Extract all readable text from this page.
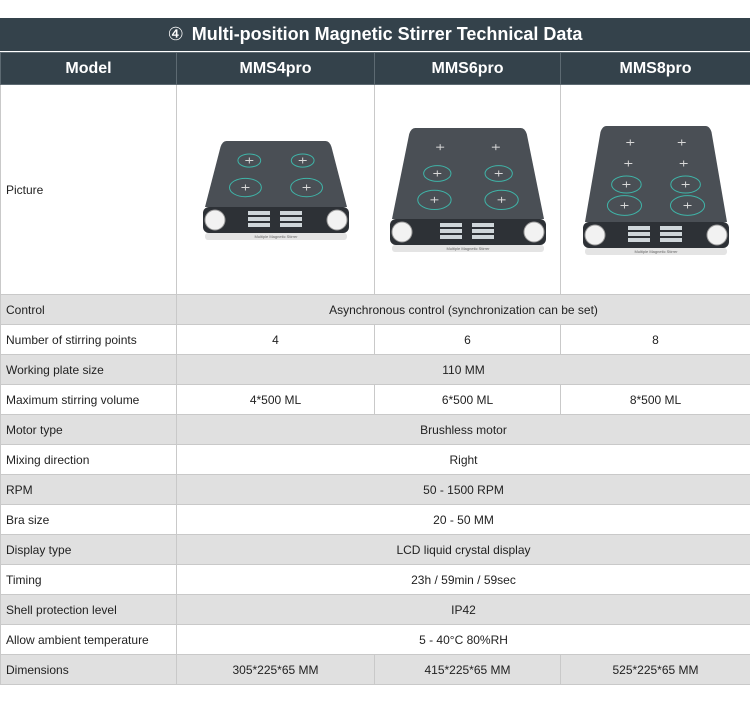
④ Multi-position Magnetic Stirrer Technical Data
Model	MMS4pro	MMS6pro	MMS8pro
Picture	Multiple Magnetic Stirrer	Multiple Magnetic Stirrer	Multiple Magnetic Stirrer

Control	Asynchronous control (synchronization can be set)		
Number of stirring points	4	6	8
Working plate size	110 MM		
Maximum stirring volume	4*500 ML	6*500 ML	8*500 ML
Motor type	Brushless motor		
Mixing direction	Right		
RPM	50 - 1500 RPM		
Bra size	20 - 50 MM		
Display type	LCD liquid crystal display		
Timing	23h / 59min / 59sec		
Shell protection level	IP42		
Allow ambient temperature	5 - 40°C 80%RH		
Dimensions	305*225*65 MM	415*225*65 MM	525*225*65 MM
